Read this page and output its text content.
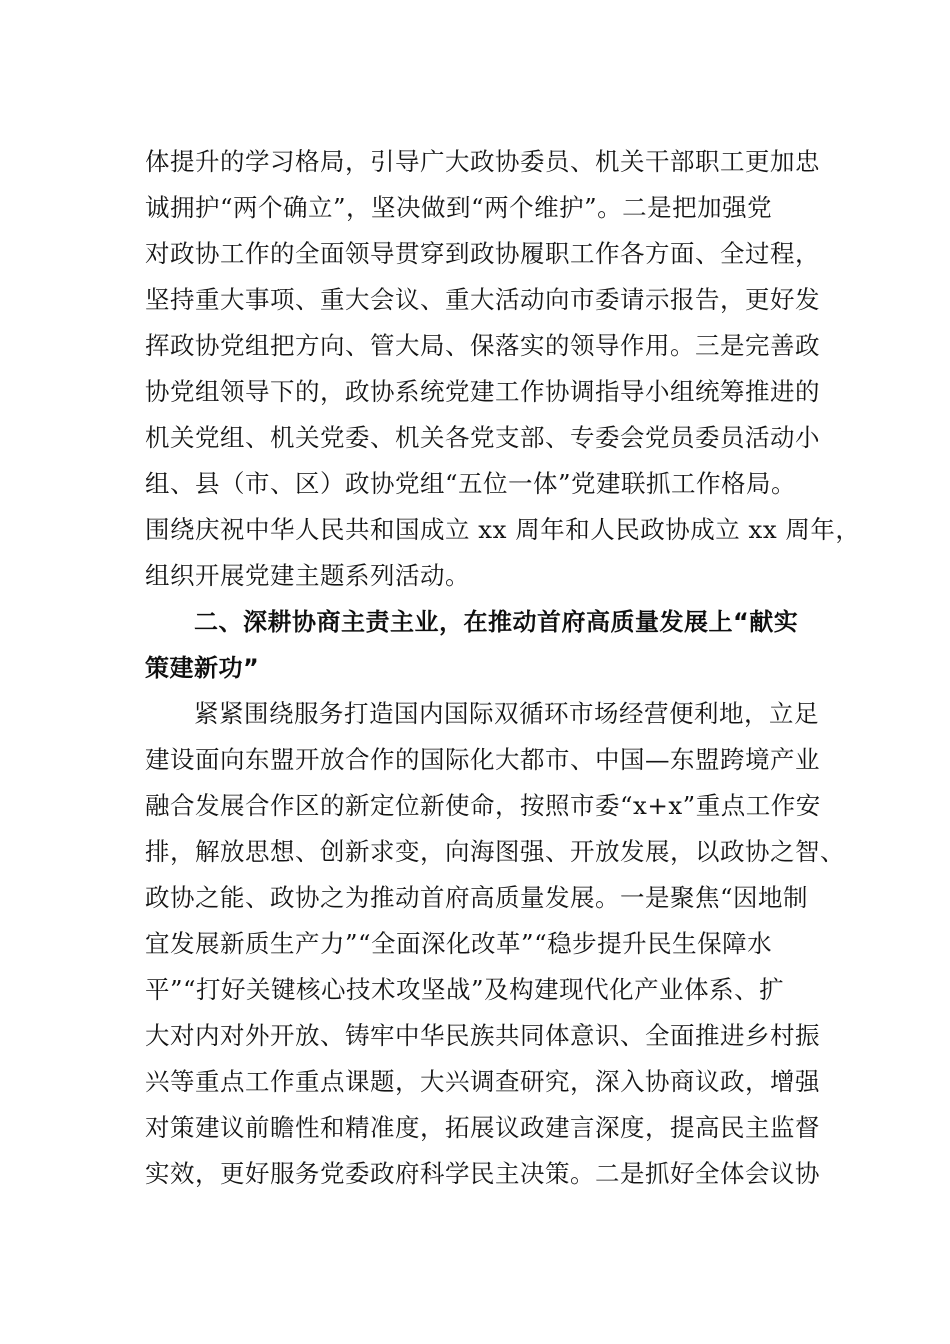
体提升的学习格局，引导广大政协委员、机关干部职工更加忠
诚拥护“两个确立”，坚决做到“两个维护”。二是把加强党
对政协工作的全面领导贯穿到政协履职工作各方面、全过程，
坚持重大事项、重大会议、重大活动向市委请示报告，更好发
挥政协党组把方向、管大局、保落实的领导作用。三是完善政
协党组领导下的，政协系统党建工作协调指导小组统筹推进的
机关党组、机关党委、机关各党支部、专委会党员委员活动小
组、县（市、区）政协党组“五位一体”党建联抓工作格局。
围绕庆祝中华人民共和国成立 xx 周年和人民政协成立 xx 周年，
组织开展党建主题系列活动。
二、深耕协商主责主业，在推动首府高质量发展上“献实
策建新功”
紧紧围绕服务打造国内国际双循环市场经营便利地，立足
建设面向东盟开放合作的国际化大都市、中国—东盟跨境产业
融合发展合作区的新定位新使命，按照市委“x+x”重点工作安
排，解放思想、创新求变，向海图强、开放发展，以政协之智、
政协之能、政协之为推动首府高质量发展。一是聚焦“因地制
宜发展新质生产力”“全面深化改革”“稳步提升民生保障水
平”“打好关键核心技术攻坚战”及构建现代化产业体系、扩
大对内对外开放、铸牢中华民族共同体意识、全面推进乡村振
兴等重点工作重点课题，大兴调查研究，深入协商议政，增强
对策建议前瞻性和精准度，拓展议政建言深度，提高民主监督
实效，更好服务党委政府科学民主决策。二是抓好全体会议协
